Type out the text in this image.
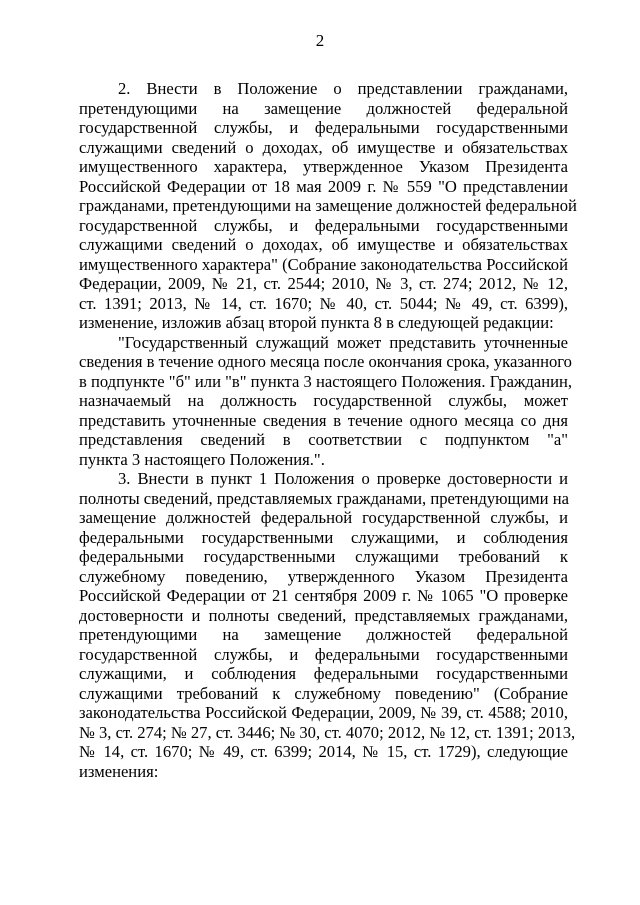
2
2. Внести в Положение о представлении гражданами,
претендующими на замещение должностей федеральной
государственной службы, и федеральными государственными
служащими сведений о доходах, об имуществе и обязательствах
имущественного характера, утвержденное Указом Президента
Российской Федерации от 18 мая 2009 г. № 559 "О представлении
гражданами, претендующими на замещение должностей федеральной
государственной службы, и федеральными государственными
служащими сведений о доходах, об имуществе и обязательствах
имущественного характера" (Собрание законодательства Российской
Федерации, 2009, № 21, ст. 2544; 2010, № 3, ст. 274; 2012, № 12,
ст. 1391; 2013, № 14, ст. 1670; № 40, ст. 5044; № 49, ст. 6399),
изменение, изложив абзац второй пункта 8 в следующей редакции:
"Государственный служащий может представить уточненные
сведения в течение одного месяца после окончания срока, указанного
в подпункте "б" или "в" пункта 3 настоящего Положения. Гражданин,
назначаемый на должность государственной службы, может
представить уточненные сведения в течение одного месяца со дня
представления сведений в соответствии с подпунктом "а"
пункта 3 настоящего Положения.".
3. Внести в пункт 1 Положения о проверке достоверности и
полноты сведений, представляемых гражданами, претендующими на
замещение должностей федеральной государственной службы, и
федеральными государственными служащими, и соблюдения
федеральными государственными служащими требований к
служебному поведению, утвержденного Указом Президента
Российской Федерации от 21 сентября 2009 г. № 1065 "О проверке
достоверности и полноты сведений, представляемых гражданами,
претендующими на замещение должностей федеральной
государственной службы, и федеральными государственными
служащими, и соблюдения федеральными государственными
служащими требований к служебному поведению" (Собрание
законодательства Российской Федерации, 2009, № 39, ст. 4588; 2010,
№ 3, ст. 274; № 27, ст. 3446; № 30, ст. 4070; 2012, № 12, ст. 1391; 2013,
№ 14, ст. 1670; № 49, ст. 6399; 2014, № 15, ст. 1729), следующие
изменения:
